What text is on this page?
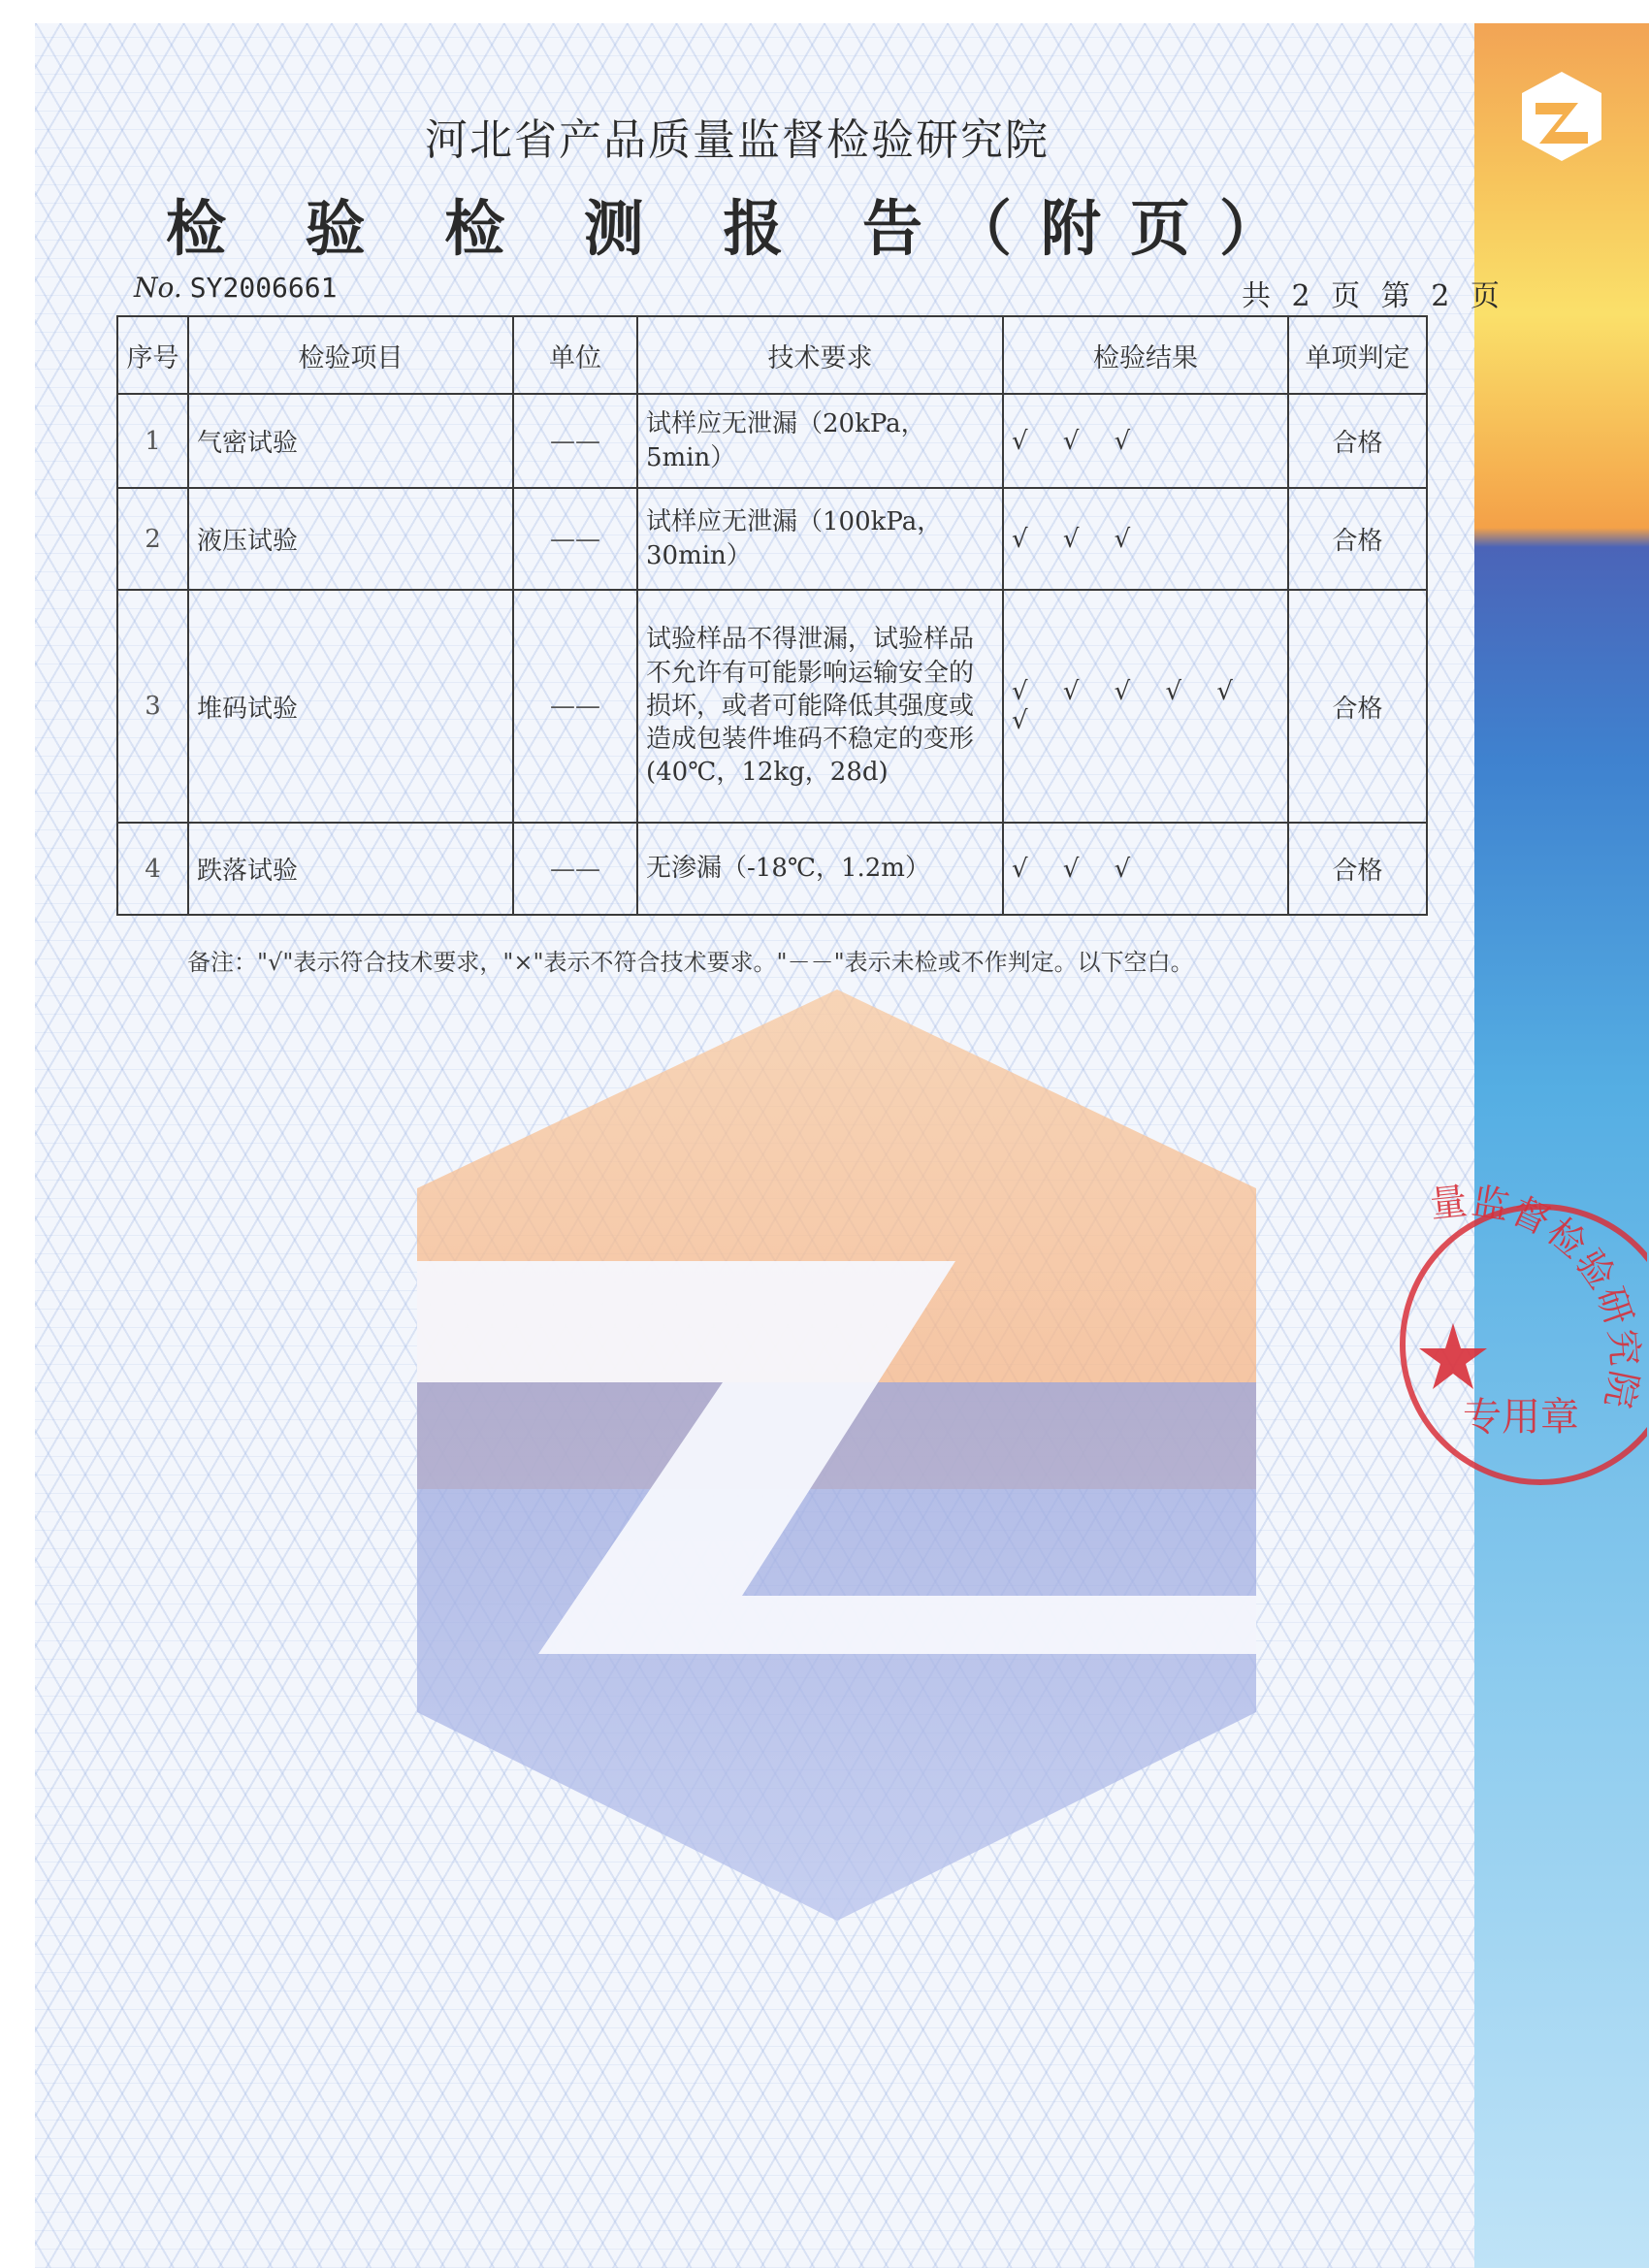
河北省产品质量监督检验研究院
检 验 检 测 报 告（附页）
No. SY2006661	共 2 页 第 2 页
序号	检验项目	单位	技术要求	检验结果	单项判定
1	气密试验	——	试样应无泄漏（20kPa，5min）	√ √ √	合格
2	液压试验	——	试样应无泄漏（100kPa，30min）	√ √ √	合格
3	堆码试验	——	试验样品不得泄漏，试验样品不允许有可能影响运输安全的损坏，或者可能降低其强度或造成包装件堆码不稳定的变形(40℃，12kg，28d)	√ √ √ √ √ √	合格
4	跌落试验	——	无渗漏（-18℃，1.2m）	√ √ √	合格
备注："√"表示符合技术要求，"×"表示不符合技术要求。"－－"表示未检或不作判定。以下空白。
量监督检验研究院
专用章
